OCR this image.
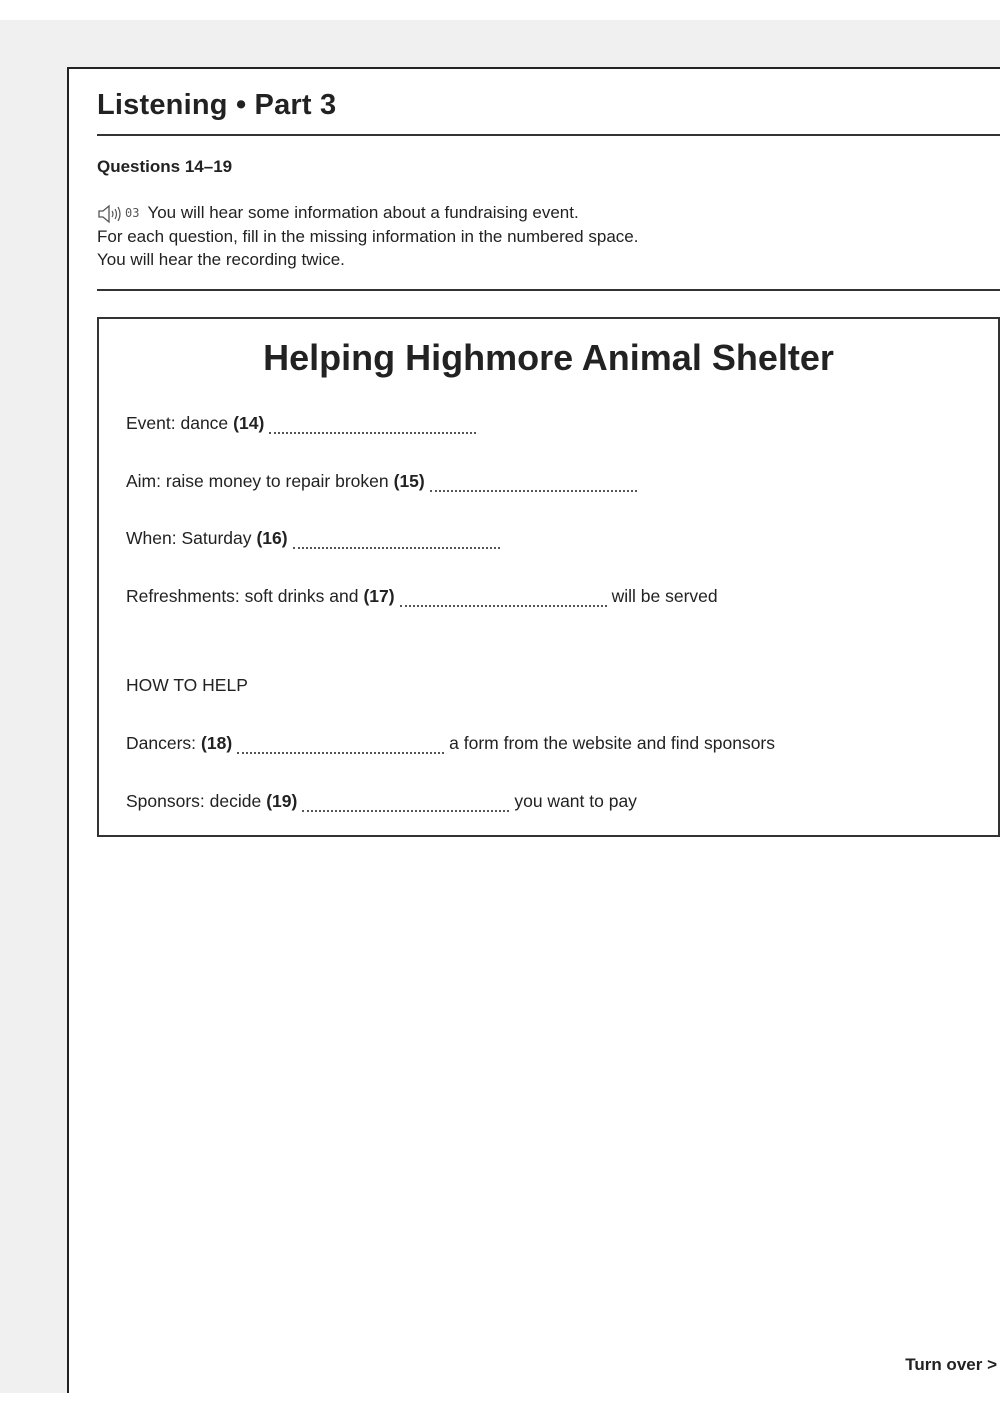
Listening • Part 3
Questions 14–19
03 You will hear some information about a fundraising event.
For each question, fill in the missing information in the numbered space.
You will hear the recording twice.
Helping Highmore Animal Shelter
Event: dance (14)
Aim: raise money to repair broken (15)
When: Saturday (16)
Refreshments: soft drinks and (17)	will be served
HOW TO HELP
Dancers: (18)	a form from the website and find sponsors
Sponsors: decide (19)	you want to pay
Turn over >
